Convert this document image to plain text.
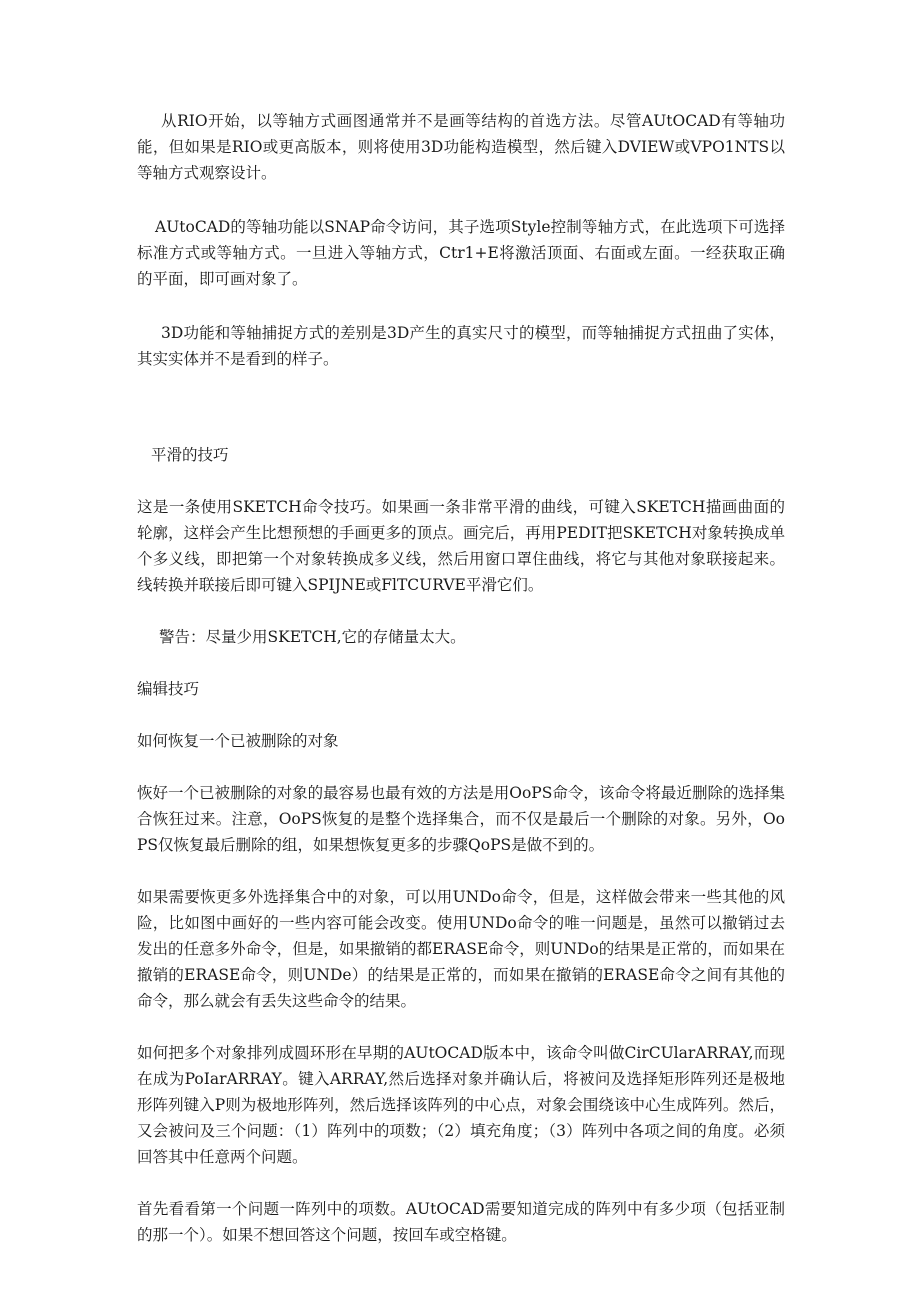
从RIO开始，以等轴方式画图通常并不是画等结构的首选方法。尽管AUtOCAD有等轴功能，但如果是RIO或更高版本，则将使用3D功能构造模型，然后键入DVIEW或VPO1NTS以等轴方式观察设计。

AUtoCAD的等轴功能以SNAP命令访问，其子选项Style控制等轴方式，在此选项下可选择标准方式或等轴方式。一旦进入等轴方式，Ctr1+E将激活顶面、右面或左面。一经获取正确的平面，即可画对象了。

3D功能和等轴捕捉方式的差别是3D产生的真实尺寸的模型，而等轴捕捉方式扭曲了实体，其实实体并不是看到的样子。

平滑的技巧

这是一条使用SKETCH命令技巧。如果画一条非常平滑的曲线，可键入SKETCH描画曲面的轮廓，这样会产生比想预想的手画更多的顶点。画完后，再用PEDIT把SKETCH对象转换成单个多义线，即把第一个对象转换成多义线，然后用窗口罩住曲线，将它与其他对象联接起来。线转换并联接后即可键入SPIJNE或FlTCURVE平滑它们。

警告：尽量少用SKETCH,它的存储量太大。

编辑技巧

如何恢复一个已被删除的对象

恢好一个已被删除的对象的最容易也最有效的方法是用OoPS命令，该命令将最近删除的选择集合恢狂过来。注意，OoPS恢复的是整个选择集合，而不仅是最后一个删除的对象。另外，OoPS仅恢复最后删除的组，如果想恢复更多的步骤QoPS是做不到的。

如果需要恢更多外选择集合中的对象，可以用UNDo命令，但是，这样做会带来一些其他的风险，比如图中画好的一些内容可能会改变。使用UNDo命令的唯一问题是，虽然可以撤销过去发出的任意多外命令，但是，如果撤销的都ERASE命令，则UNDo的结果是正常的，而如果在撤销的ERASE命令，则UNDe）的结果是正常的，而如果在撤销的ERASE命令之间有其他的命令，那么就会有丢失这些命令的结果。

如何把多个对象排列成圆环形在早期的AUtOCAD版本中，该命令叫做CirCUlarARRAY,而现在成为PoIarARRAY。键入ARRAY,然后选择对象并确认后，将被问及选择矩形阵列还是极地形阵列键入P则为极地形阵列，然后选择该阵列的中心点，对象会围绕该中心生成阵列。然后，又会被问及三个问题：（1）阵列中的项数；（2）填充角度；（3）阵列中各项之间的角度。必须回答其中任意两个问题。

首先看看第一个问题一阵列中的项数。AUtOCAD需要知道完成的阵列中有多少项（包括亚制的那一个）。如果不想回答这个问题，按回车或空格键。
